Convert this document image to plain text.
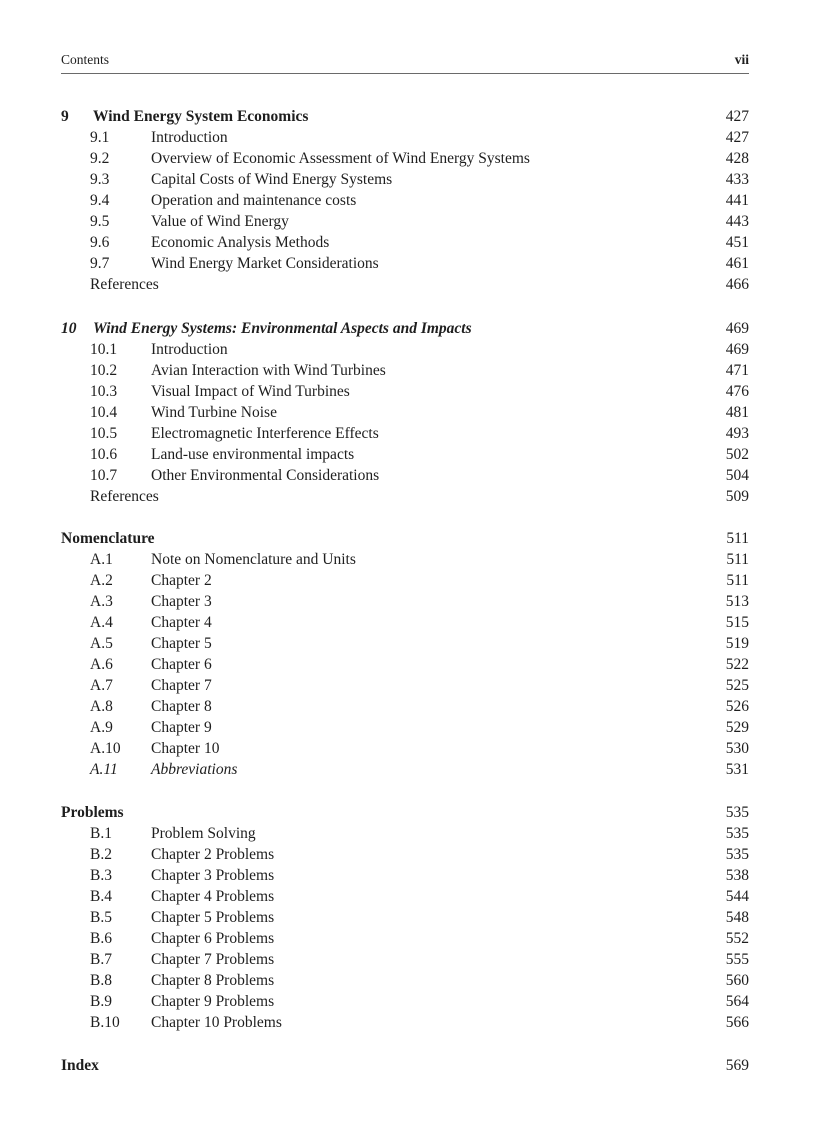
Contents	vii
9 Wind Energy System Economics	427
9.1	Introduction	427
9.2	Overview of Economic Assessment of Wind Energy Systems	428
9.3	Capital Costs of Wind Energy Systems	433
9.4	Operation and maintenance costs	441
9.5	Value of Wind Energy	443
9.6	Economic Analysis Methods	451
9.7	Wind Energy Market Considerations	461
References	466
10 Wind Energy Systems: Environmental Aspects and Impacts	469
10.1 Introduction	469
10.2 Avian Interaction with Wind Turbines	471
10.3 Visual Impact of Wind Turbines	476
10.4 Wind Turbine Noise	481
10.5 Electromagnetic Interference Effects	493
10.6 Land-use environmental impacts	502
10.7 Other Environmental Considerations	504
References	509
Nomenclature	511
A.1 Note on Nomenclature and Units	511
A.2 Chapter 2	511
A.3 Chapter 3	513
A.4 Chapter 4	515
A.5 Chapter 5	519
A.6 Chapter 6	522
A.7 Chapter 7	525
A.8 Chapter 8	526
A.9 Chapter 9	529
A.10 Chapter 10	530
A.11 Abbreviations	531
Problems	535
B.1	Problem Solving	535
B.2	Chapter 2 Problems	535
B.3	Chapter 3 Problems	538
B.4	Chapter 4 Problems	544
B.5	Chapter 5 Problems	548
B.6	Chapter 6 Problems	552
B.7	Chapter 7 Problems	555
B.8	Chapter 8 Problems	560
B.9	Chapter 9 Problems	564
B.10 Chapter 10 Problems	566
Index	569
